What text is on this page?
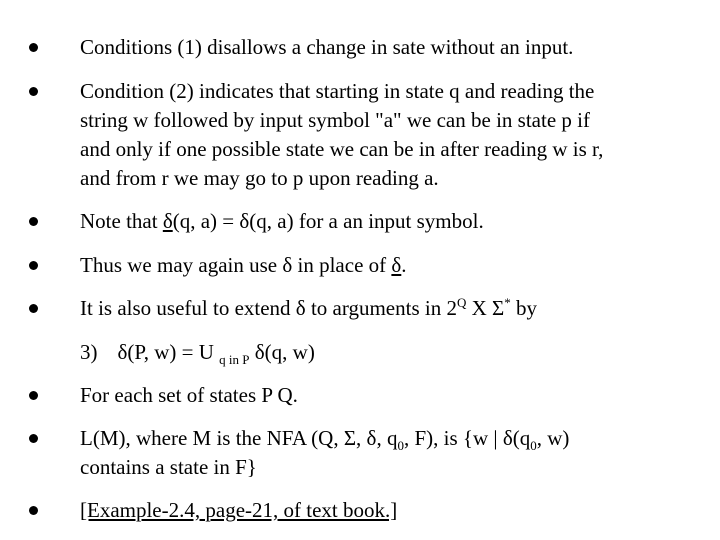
Conditions (1) disallows a change in sate without an input.
Condition (2) indicates that starting in state q and reading the
string w followed by input symbol "a" we can be in state p if
and only if one possible state we can be in after reading w is r,
and from r we may go to p upon reading a.
Note that δ(q, a) = δ(q, a) for a an input symbol.
Thus we may again use δ in place of δ.
It is also useful to extend δ to arguments in $2^Q$ X Σ* by
3) δ(P, w) = U $_{q in P}$ δ(q, w)
For each set of states P Q.
L(M), where M is the NFA (Q, Σ, δ, $q_0$, F), is {w | $\delta(q_0$, w)
contains a state in F}
[Example-2.4, page-21, of text book.]
